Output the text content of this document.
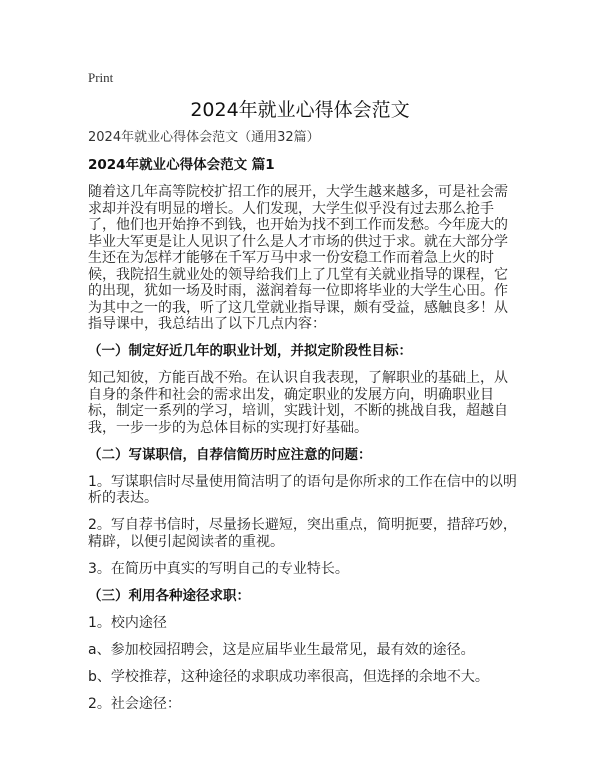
Print
2024年就业心得体会范文
2024年就业心得体会范文（通用32篇）
2024年就业心得体会范文 篇1
随着这几年高等院校扩招工作的展开，大学生越来越多，可是社会需求却并没有明显的增长。人们发现，大学生似乎没有过去那么抢手了，他们也开始挣不到钱，也开始为找不到工作而发愁。今年庞大的毕业大军更是让人见识了什么是人才市场的供过于求。就在大部分学生还在为怎样才能够在千军万马中求一份安稳工作而着急上火的时候，我院招生就业处的领导给我们上了几堂有关就业指导的课程，它的出现，犹如一场及时雨，滋润着每一位即将毕业的大学生心田。作为其中之一的我，听了这几堂就业指导课，颇有受益，感触良多！从指导课中，我总结出了以下几点内容：
（一）制定好近几年的职业计划，并拟定阶段性目标：
知己知彼，方能百战不殆。在认识自我表现，了解职业的基础上，从自身的条件和社会的需求出发，确定职业的发展方向，明确职业目标，制定一系列的学习，培训，实践计划，不断的挑战自我，超越自我，一步一步的为总体目标的实现打好基础。
（二）写谋职信，自荐信简历时应注意的问题：
1。写谋职信时尽量使用简洁明了的语句是你所求的工作在信中的以明析的表达。
2。写自荐书信时，尽量扬长避短，突出重点，简明扼要，措辞巧妙，精辟，以便引起阅读者的重视。
3。在简历中真实的写明自己的专业特长。
（三）利用各种途径求职：
1。校内途径
a、参加校园招聘会，这是应届毕业生最常见，最有效的途径。
b、学校推荐，这种途径的求职成功率很高，但选择的余地不大。
2。社会途径：
